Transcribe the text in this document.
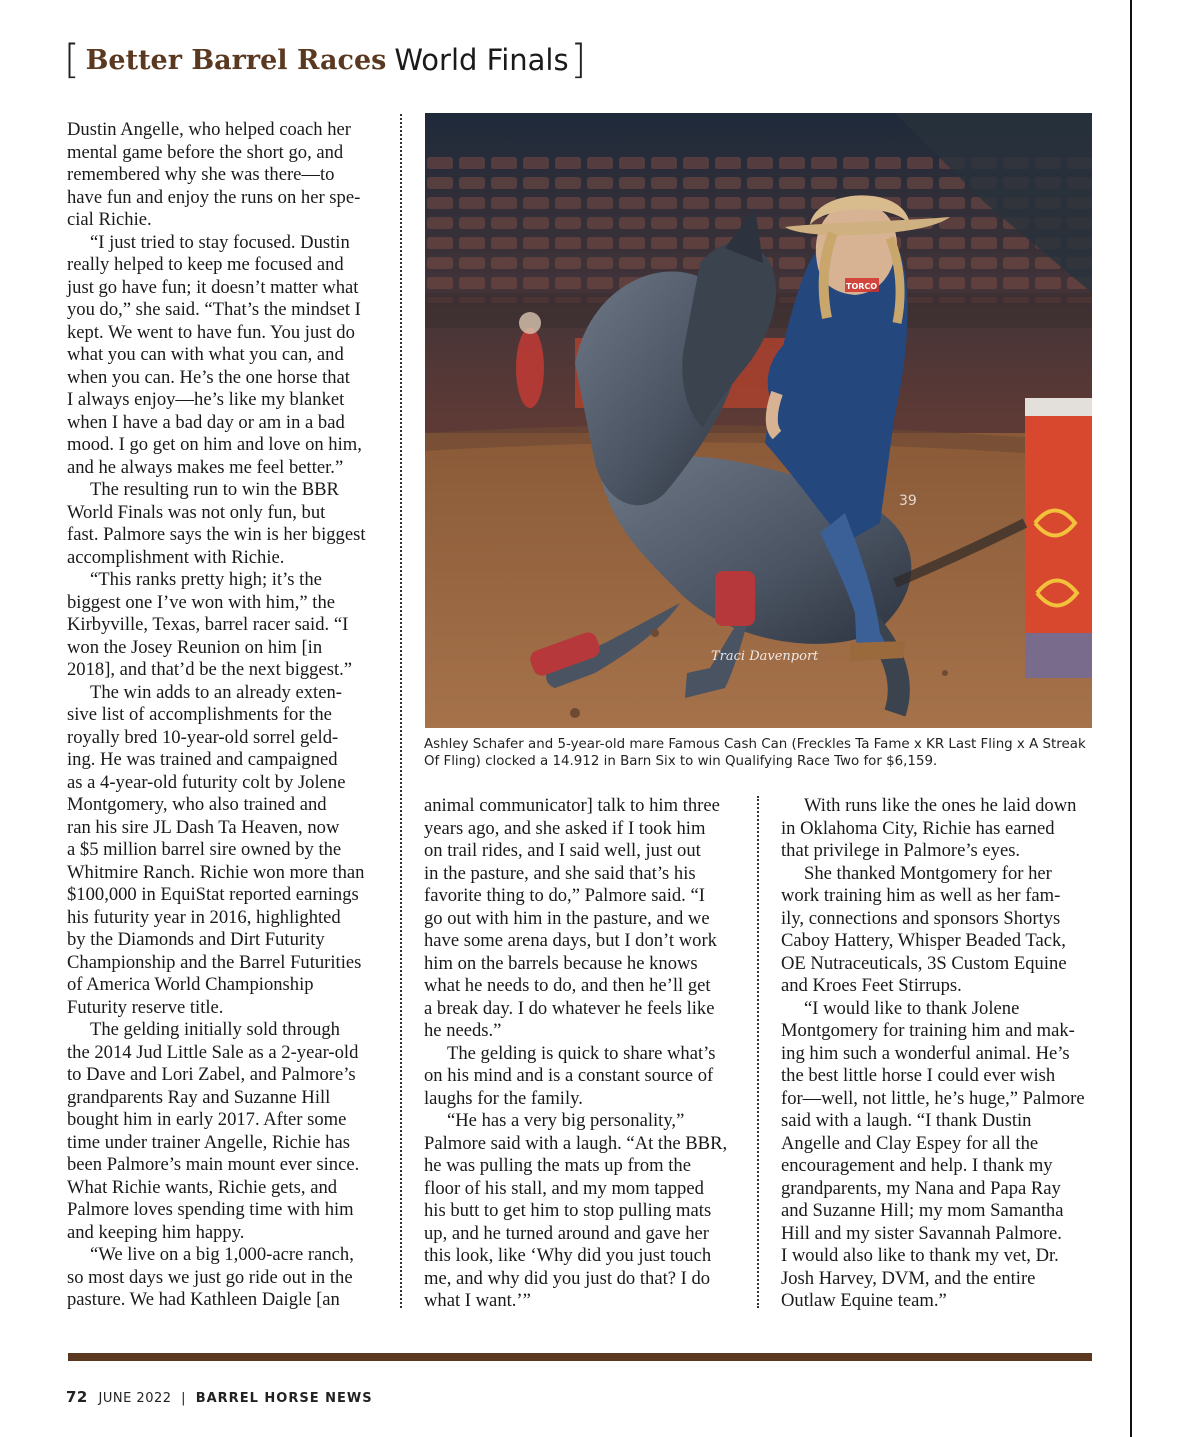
[ Better Barrel Races World Finals ]

Dustin Angelle, who helped coach her

mental game before the short go, and

remembered why she was there—to

have fun and enjoy the runs on her spe-

cial Richie.

“I just tried to stay focused. Dustin

really helped to keep me focused and

just go have fun; it doesn’t matter what

you do,” she said. “That’s the mindset I

kept. We went to have fun. You just do

what you can with what you can, and

when you can. He’s the one horse that

I always enjoy—he’s like my blanket

when I have a bad day or am in a bad

mood. I go get on him and love on him,

and he always makes me feel better.”

The resulting run to win the BBR

World Finals was not only fun, but

fast. Palmore says the win is her biggest

accomplishment with Richie.

“This ranks pretty high; it’s the

biggest one I’ve won with him,” the

Kirbyville, Texas, barrel racer said. “I

won the Josey Reunion on him [in

2018], and that’d be the next biggest.”

The win adds to an already exten-

sive list of accomplishments for the

royally bred 10-year-old sorrel geld-

ing. He was trained and campaigned

as a 4-year-old futurity colt by Jolene

Montgomery, who also trained and

ran his sire JL Dash Ta Heaven, now

a $5 million barrel sire owned by the

Whitmire Ranch. Richie won more than

$100,000 in EquiStat reported earnings

his futurity year in 2016, highlighted

by the Diamonds and Dirt Futurity

Championship and the Barrel Futurities

of America World Championship

Futurity reserve title.

The gelding initially sold through

the 2014 Jud Little Sale as a 2-year-old

to Dave and Lori Zabel, and Palmore’s

grandparents Ray and Suzanne Hill

bought him in early 2017. After some

time under trainer Angelle, Richie has

been Palmore’s main mount ever since.

What Richie wants, Richie gets, and

Palmore loves spending time with him

and keeping him happy.

“We live on a big 1,000-acre ranch,

so most days we just go ride out in the

pasture. We had Kathleen Daigle [an

Traci Davenport
39
TORCO
Ashley Schafer and 5-year-old mare Famous Cash Can (Freckles Ta Fame x KR Last Fling x A Streak Of Fling) clocked a 14.912 in Barn Six to win Qualifying Race Two for $6,159.

animal communicator] talk to him three

years ago, and she asked if I took him

on trail rides, and I said well, just out

in the pasture, and she said that’s his

favorite thing to do,” Palmore said. “I

go out with him in the pasture, and we

have some arena days, but I don’t work

him on the barrels because he knows

what he needs to do, and then he’ll get

a break day. I do whatever he feels like

he needs.”

The gelding is quick to share what’s

on his mind and is a constant source of

laughs for the family.

“He has a very big personality,”

Palmore said with a laugh. “At the BBR,

he was pulling the mats up from the

floor of his stall, and my mom tapped

his butt to get him to stop pulling mats

up, and he turned around and gave her

this look, like ‘Why did you just touch

me, and why did you just do that? I do

what I want.’”

With runs like the ones he laid down

in Oklahoma City, Richie has earned

that privilege in Palmore’s eyes.

She thanked Montgomery for her

work training him as well as her fam-

ily, connections and sponsors Shortys

Caboy Hattery, Whisper Beaded Tack,

OE Nutraceuticals, 3S Custom Equine

and Kroes Feet Stirrups.

“I would like to thank Jolene

Montgomery for training him and mak-

ing him such a wonderful animal. He’s

the best little horse I could ever wish

for—well, not little, he’s huge,” Palmore

said with a laugh. “I thank Dustin

Angelle and Clay Espey for all the

encouragement and help. I thank my

grandparents, my Nana and Papa Ray

and Suzanne Hill; my mom Samantha

Hill and my sister Savannah Palmore.

I would also like to thank my vet, Dr.

Josh Harvey, DVM, and the entire

Outlaw Equine team.”

72 JUNE 2022 | BARREL HORSE NEWS
